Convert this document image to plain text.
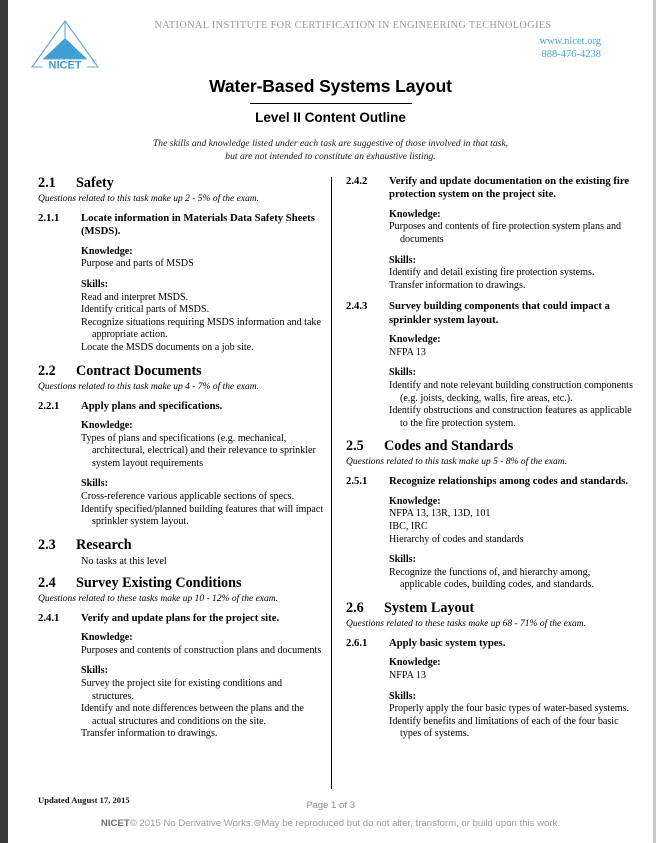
NICET ®
NATIONAL INSTITUTE FOR CERTIFICATION IN ENGINEERING TECHNOLOGIES
www.nicet.org
888-476-4238
Water-Based Systems Layout
Level II Content Outline
The skills and knowledge listed under each task are suggestive of those involved in that task,
but are not intended to constitute an exhaustive listing.
2.1	Safety
Questions related to this task make up 2 - 5% of the exam.
2.1.1	Locate information in Materials Data Safety Sheets (MSDS).
Knowledge:
Purpose and parts of MSDS
Skills:
Read and interpret MSDS.
Identify critical parts of MSDS.
Recognize situations requiring MSDS information and take appropriate action.
Locate the MSDS documents on a job site.
2.2	Contract Documents
Questions related to this task make up 4 - 7% of the exam.
2.2.1	Apply plans and specifications.
Knowledge:
Types of plans and specifications (e.g. mechanical, architectural, electrical) and their relevance to sprinkler system layout requirements
Skills:
Cross-reference various applicable sections of specs.
Identify specified/planned building features that will impact sprinkler system layout.
2.3	Research
No tasks at this level
2.4	Survey Existing Conditions
Questions related to these tasks make up 10 - 12% of the exam.
2.4.1	Verify and update plans for the project site.
Knowledge:
Purposes and contents of construction plans and documents
Skills:
Survey the project site for existing conditions and structures.
Identify and note differences between the plans and the actual structures and conditions on the site.
Transfer information to drawings.
2.4.2	Verify and update documentation on the existing fire protection system on the project site.
Knowledge:
Purposes and contents of fire protection system plans and documents
Skills:
Identify and detail existing fire protection systems.
Transfer information to drawings.
2.4.3	Survey building components that could impact a sprinkler system layout.
Knowledge:
NFPA 13
Skills:
Identify and note relevant building construction components (e.g. joists, decking, walls, fire areas, etc.).
Identify obstructions and construction features as applicable to the fire protection system.
2.5	Codes and Standards
Questions related to this task make up 5 - 8% of the exam.
2.5.1	Recognize relationships among codes and standards.
Knowledge:
NFPA 13, 13R, 13D, 101
IBC, IRC
Hierarchy of codes and standards
Skills:
Recognize the functions of, and hierarchy among, applicable codes, building codes, and standards.
2.6	System Layout
Questions related to these tasks make up 68 - 71% of the exam.
2.6.1	Apply basic system types.
Knowledge:
NFPA 13
Skills:
Properly apply the four basic types of water-based systems.
Identify benefits and limitations of each of the four basic types of systems.
Updated August 17, 2015	Page 1 of 3
NICET© 2015 No Derivative Works.⊜May be reproduced but do not alter, transform, or build upon this work.
